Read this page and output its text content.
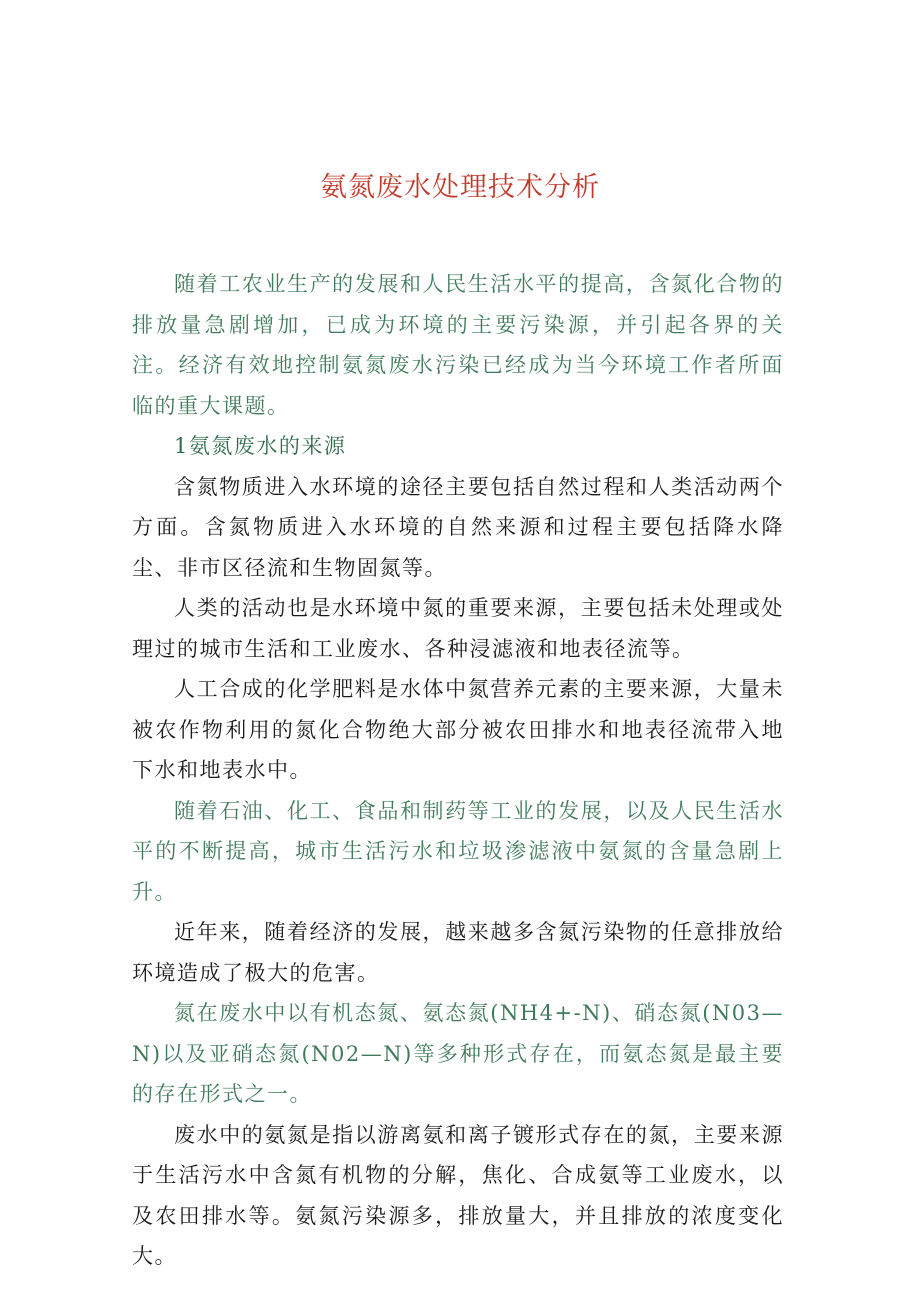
氨氮废水处理技术分析

随着工农业生产的发展和人民生活水平的提高，含氮化合物的排放量急剧增加，已成为环境的主要污染源，并引起各界的关注。经济有效地控制氨氮废水污染已经成为当今环境工作者所面临的重大课题。

1氨氮废水的来源

含氮物质进入水环境的途径主要包括自然过程和人类活动两个方面。含氮物质进入水环境的自然来源和过程主要包括降水降尘、非市区径流和生物固氮等。

人类的活动也是水环境中氮的重要来源，主要包括未处理或处理过的城市生活和工业废水、各种浸滤液和地表径流等。

人工合成的化学肥料是水体中氮营养元素的主要来源，大量未被农作物利用的氮化合物绝大部分被农田排水和地表径流带入地下水和地表水中。

随着石油、化工、食品和制药等工业的发展，以及人民生活水平的不断提高，城市生活污水和垃圾渗滤液中氨氮的含量急剧上升。

近年来，随着经济的发展，越来越多含氮污染物的任意排放给环境造成了极大的危害。

氮在废水中以有机态氮、氨态氮(NH4+-N)、硝态氮(N03—N)以及亚硝态氮(N02—N)等多种形式存在，而氨态氮是最主要的存在形式之一。

废水中的氨氮是指以游离氨和离子镀形式存在的氮，主要来源于生活污水中含氮有机物的分解，焦化、合成氨等工业废水，以及农田排水等。氨氮污染源多，排放量大，并且排放的浓度变化大。
